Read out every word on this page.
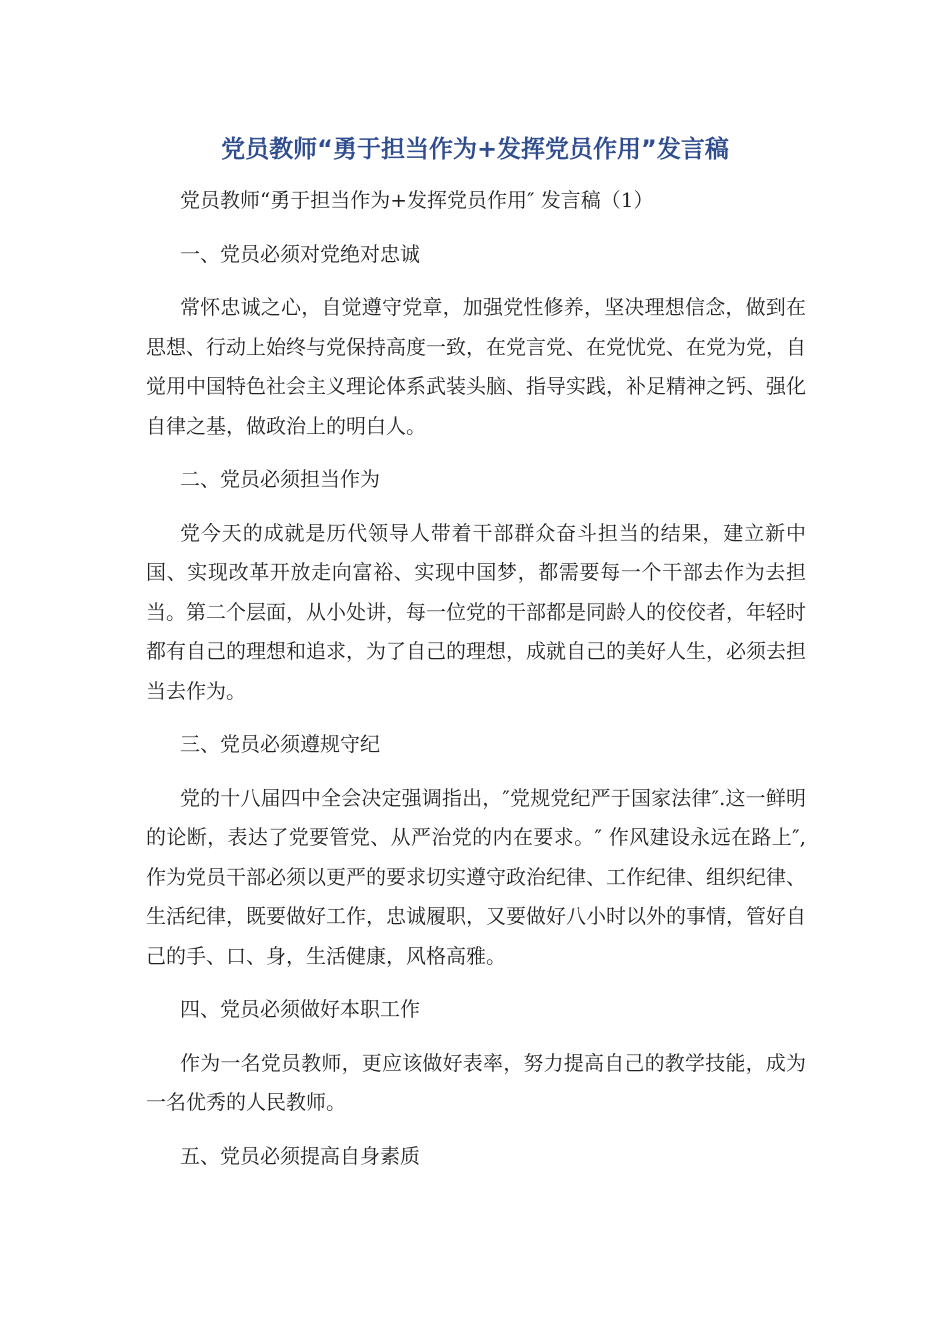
党员教师“勇于担当作为+发挥党员作用”发言稿

党员教师“勇于担当作为+发挥党员作用″ 发言稿（1）

一、党员必须对党绝对忠诚

常怀忠诚之心，自觉遵守党章，加强党性修养，坚决理想信念，做到在思想、行动上始终与党保持高度一致，在党言党、在党忧党、在党为党，自觉用中国特色社会主义理论体系武装头脑、指导实践，补足精神之钙、强化自律之基，做政治上的明白人。

二、党员必须担当作为

党今天的成就是历代领导人带着干部群众奋斗担当的结果，建立新中国、实现改革开放走向富裕、实现中国梦，都需要每一个干部去作为去担当。第二个层面，从小处讲，每一位党的干部都是同龄人的佼佼者，年轻时都有自己的理想和追求，为了自己的理想，成就自己的美好人生，必须去担当去作为。

三、党员必须遵规守纪

党的十八届四中全会决定强调指出，″党规党纪严于国家法律″.这一鲜明的论断，表达了党要管党、从严治党的内在要求。″ 作风建设永远在路上″,作为党员干部必须以更严的要求切实遵守政治纪律、工作纪律、组织纪律、生活纪律，既要做好工作，忠诚履职，又要做好八小时以外的事情，管好自己的手、口、身，生活健康，风格高雅。

四、党员必须做好本职工作

作为一名党员教师，更应该做好表率，努力提高自己的教学技能，成为一名优秀的人民教师。

五、党员必须提高自身素质
